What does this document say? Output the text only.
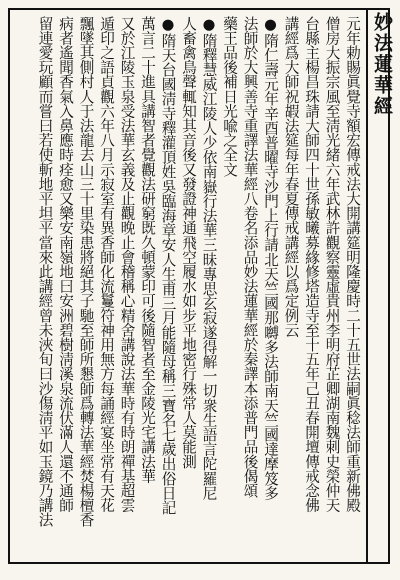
妙法蓮華經
元年勅賜眞覺寺額宏傳戒法大開講筵明隆慶時二十五世法嗣眞稔法師重新佛殿
僧房大振宗風至淸光緒六年武林許觀察靈虛貴州李明府芷卿湖南魏刺史榮仲天
台縣主楊昌珠請大師四十世孫敏曦募緣修塔造寺至十五年己丑春開壇傳戒念佛
講經爲大師祝嘏法筵每年春夏傳戒講經以爲定例云
●隋仁壽元年辛酉普曜寺沙門上行請北天竺國那嚩多法師南天竺國達摩笈多
法師於大興善寺重譯法華經八卷名添品妙法蓮華經於秦譯本添普門品後偈頌
藥王品後補日光喩之全文
●隋釋慧威江陵人少依南嶽行法華三昧專思玄寂遂得解一切衆生語言陀羅尼
人畜禽鳥聲輒知其音後又發證神通飛空履水如步平地密行殊常人莫能測
●隋天台國淸寺釋灌頂姓吳臨海章安人生甫三月能隨母稱三寶名七歲出俗日記
萬言二十進具講智者覺觀法研窮既久頓蒙印可後隨智者至金陵光宅講法華
又於江陵玉泉受法華玄義及止觀晚止會稽稱心精舍講說法華時有時朗禪基超雲
遁印之語貞觀六年八月示寂室有異香師化流鬘符神用無方每誦經宴坐常有天花
飄墜其側村人于法龍去山三十里染患將絕其子馳至師所懇師爲轉法華經焚楊檀香
病者遙聞香氣入鼻應時痊愈又樂安南嶺地曰安洲碧樹淸溪泉流伏滿人還不通師
留連愛玩顧而嘗曰若使斬地平坦平當來此講經曾未浹旬曰沙傷淸平如玉鏡乃講法
